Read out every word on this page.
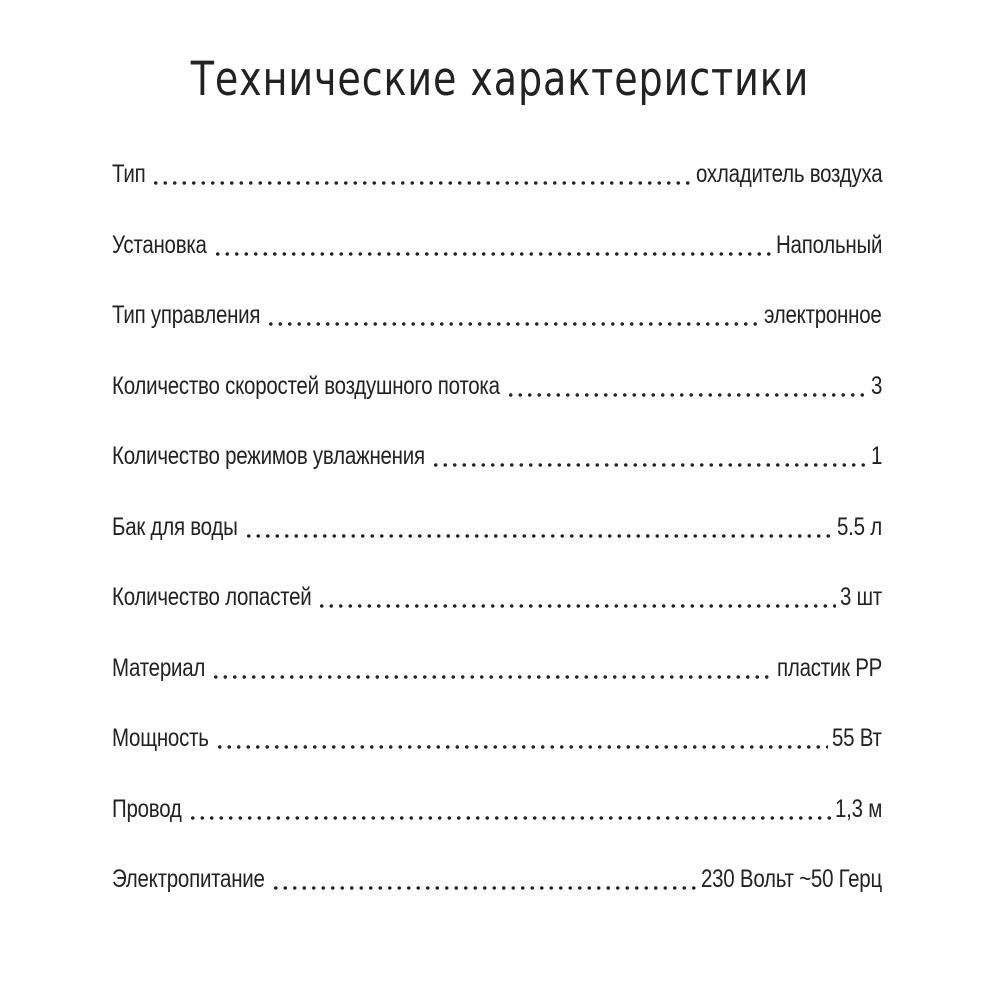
Технические характеристики
Тип	охладитель воздуха
Установка	Напольный
Тип управления	электронное
Количество скоростей воздушного потока	3
Количество режимов увлажнения	1
Бак для воды	5.5 л
Количество лопастей	3 шт
Материал	пластик PP
Мощность	55 Вт
Провод	1,3 м
Электропитание	230 Вольт ~50 Герц
